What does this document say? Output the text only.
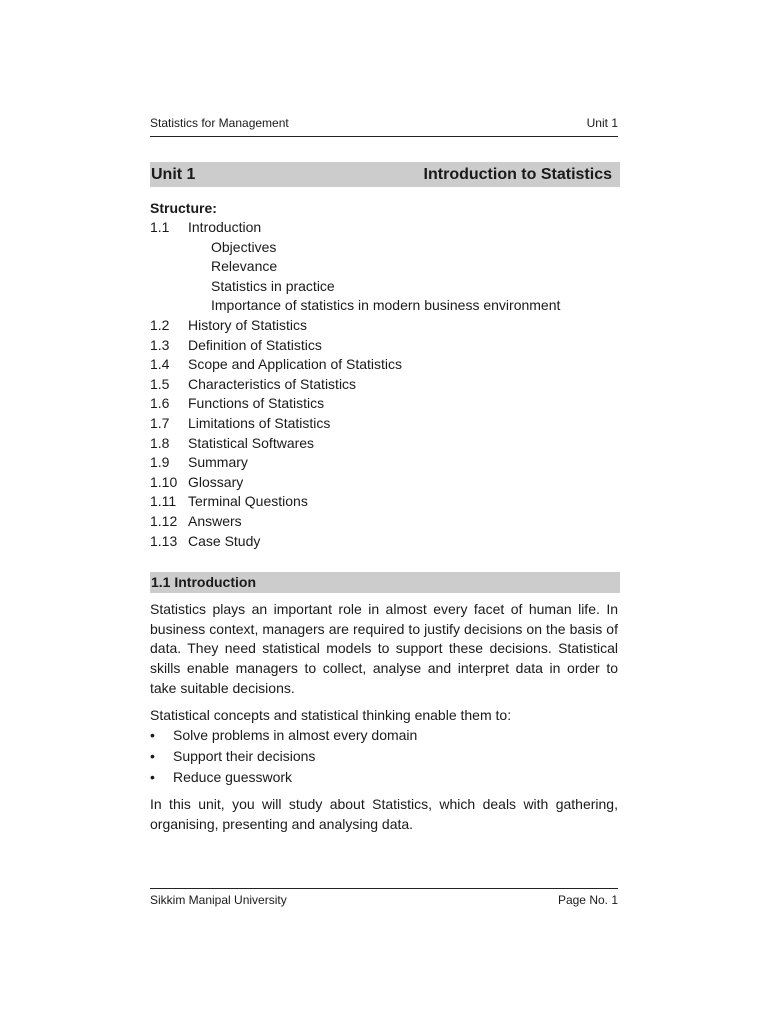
Statistics for Management	Unit 1
Unit 1	Introduction to Statistics
Structure:
1.1	Introduction
Objectives
Relevance
Statistics in practice
Importance of statistics in modern business environment
1.2	History of Statistics
1.3	Definition of Statistics
1.4	Scope and Application of Statistics
1.5	Characteristics of Statistics
1.6	Functions of Statistics
1.7	Limitations of Statistics
1.8	Statistical Softwares
1.9	Summary
1.10 Glossary
1.11 Terminal Questions
1.12 Answers
1.13 Case Study
1.1 Introduction

Statistics plays an important role in almost every facet of human life. In business context, managers are required to justify decisions on the basis of data. They need statistical models to support these decisions. Statistical skills enable managers to collect, analyse and interpret data in order to take suitable decisions.

Statistical concepts and statistical thinking enable them to:

•	Solve problems in almost every domain
•	Support their decisions
•	Reduce guesswork

In this unit, you will study about Statistics, which deals with gathering, organising, presenting and analysing data.

Sikkim Manipal University	Page No. 1
